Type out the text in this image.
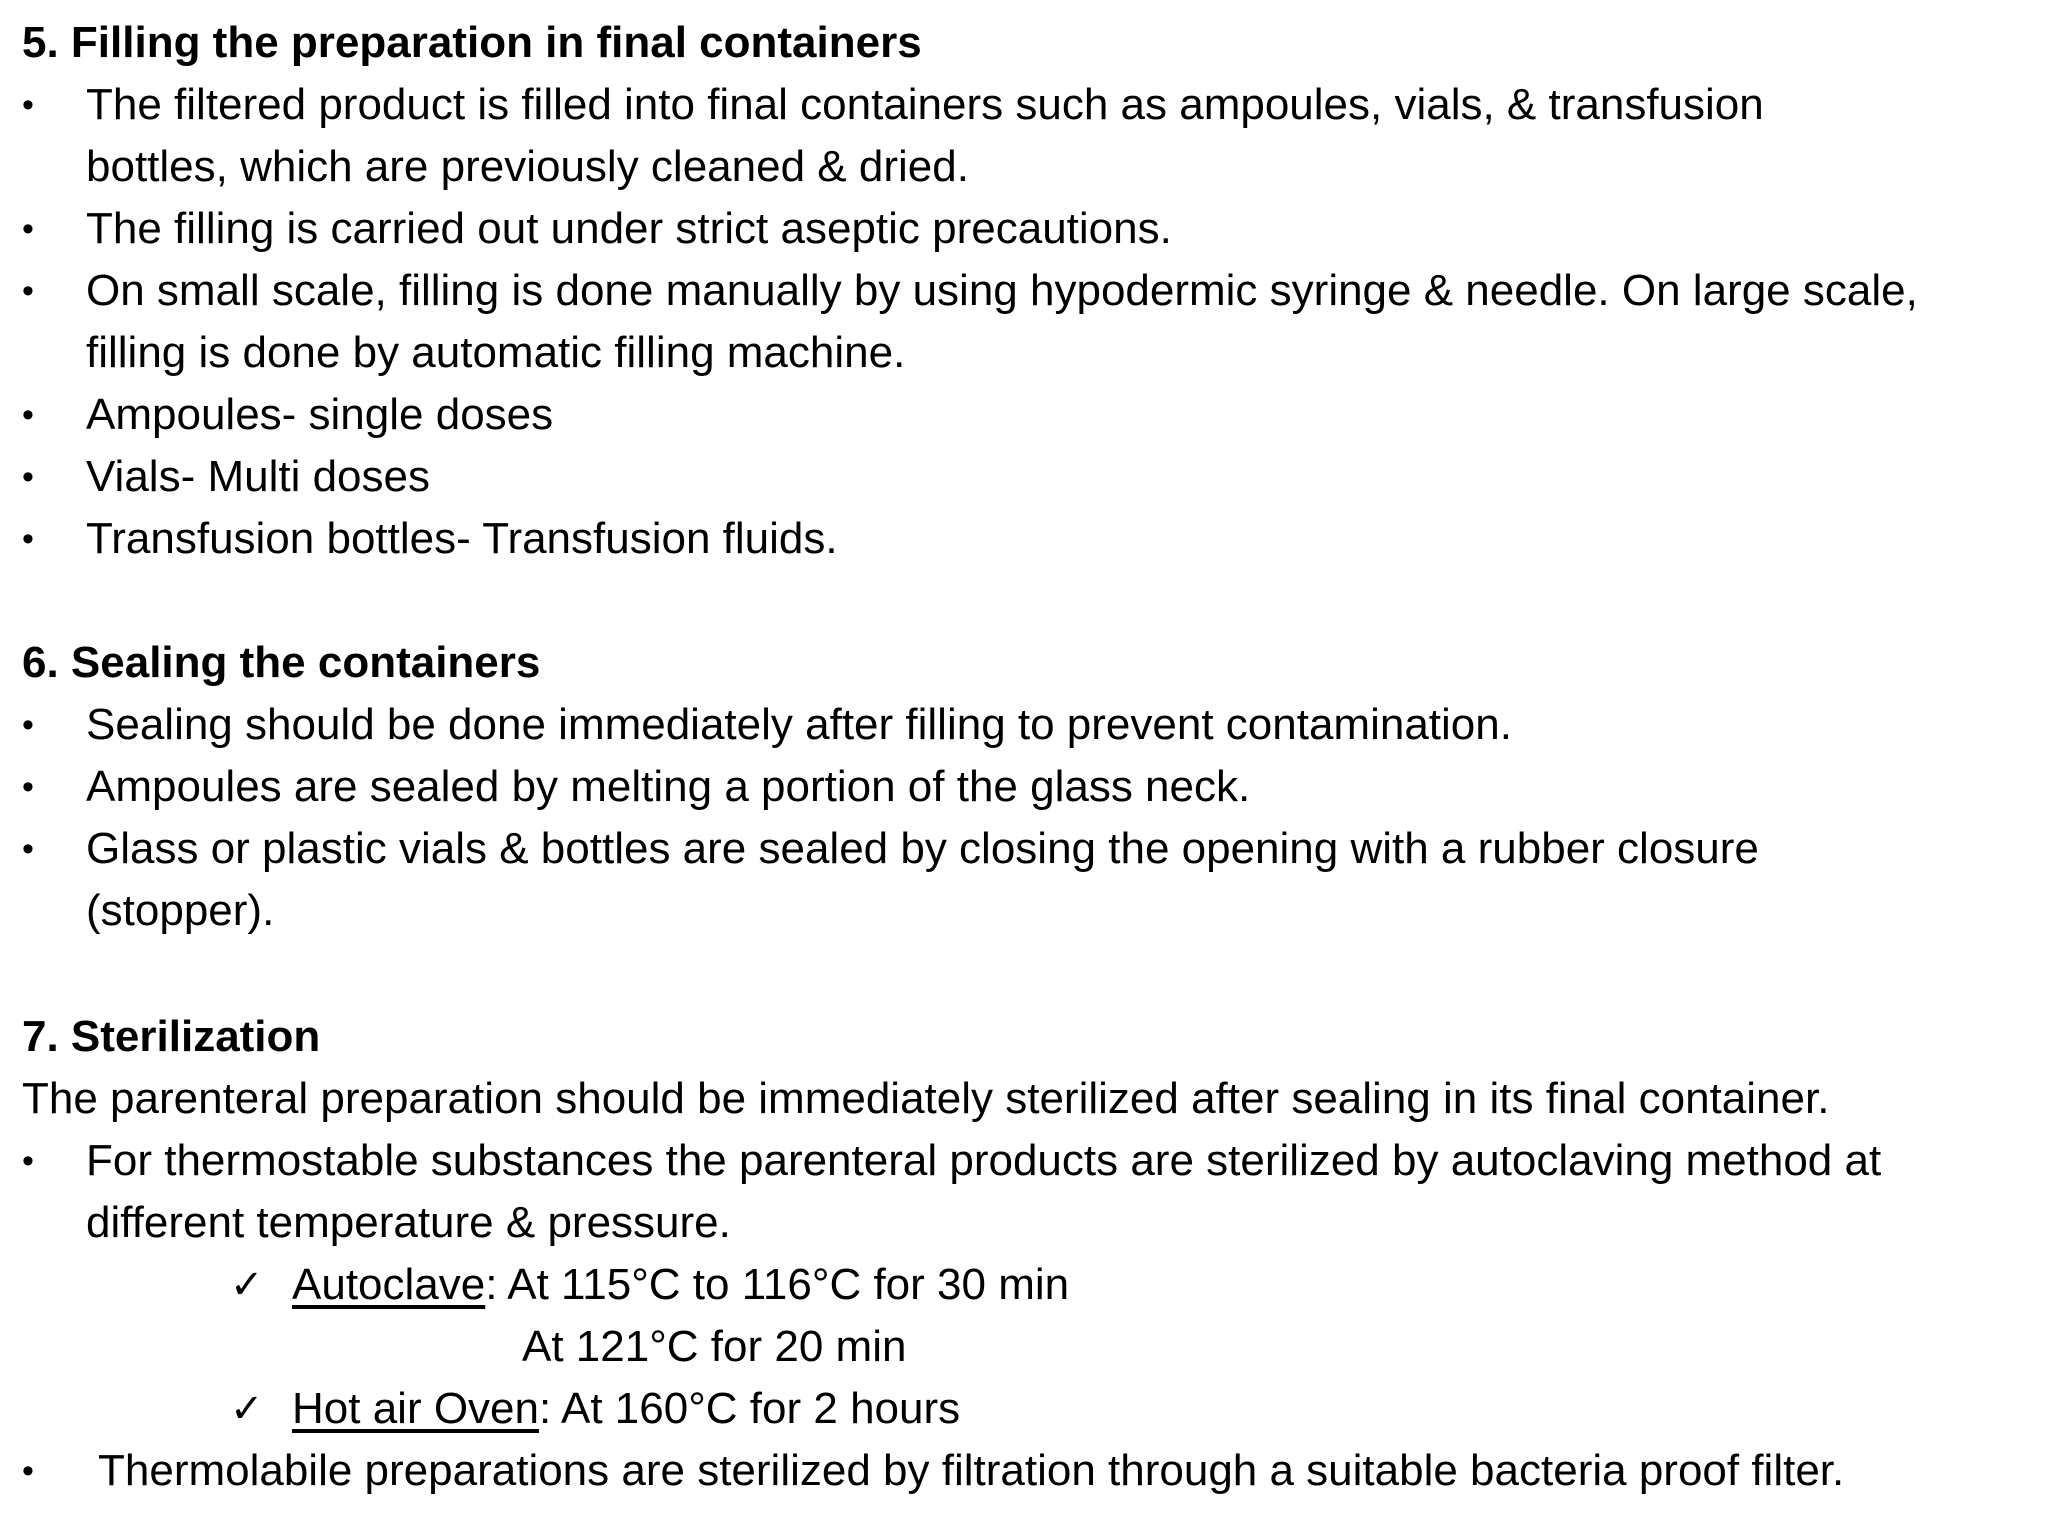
5. Filling the preparation in final containers

•	The filtered product is filled into final containers such as ampoules, vials, & transfusion
bottles, which are previously cleaned & dried.
•	The filling is carried out under strict aseptic precautions.
•	On small scale, filling is done manually by using hypodermic syringe & needle. On large scale,
filling is done by automatic filling machine.
•	Ampoules- single doses
•	Vials- Multi doses
•	Transfusion bottles- Transfusion fluids.

6. Sealing the containers

•	Sealing should be done immediately after filling to prevent contamination.
•	Ampoules are sealed by melting a portion of the glass neck.
•	Glass or plastic vials & bottles are sealed by closing the opening with a rubber closure
(stopper).

7. Sterilization

The parenteral preparation should be immediately sterilized after sealing in its final container.

•	For thermostable substances the parenteral products are sterilized by autoclaving method at
different temperature & pressure.
✓ Autoclave: At 115°C to 116°C for 30 min
At 121°C for 20 min
✓ Hot air Oven: At 160°C for 2 hours
•	Thermolabile preparations are sterilized by filtration through a suitable bacteria proof filter.
